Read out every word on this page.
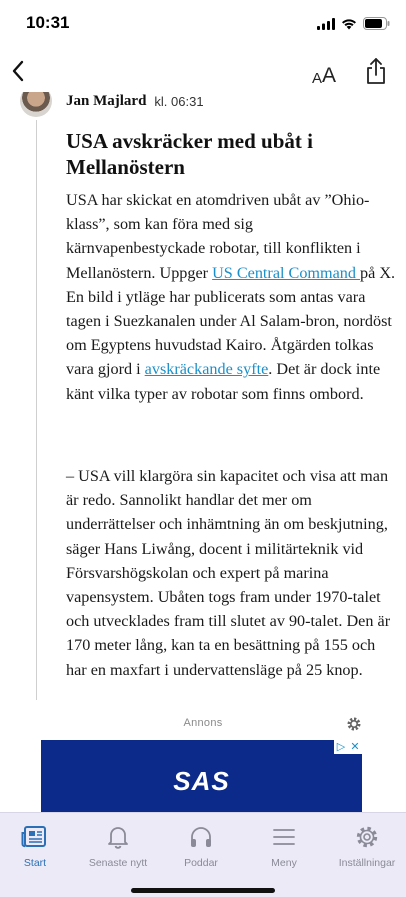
10:31
A A
Jan Majlard kl. 06:31
USA avskräcker med ubåt i Mellanöstern

USA har skickat en atomdriven ubåt av ”Ohio-klass”, som kan föra med sig kärnvapenbestyckade robotar, till konflikten i Mellanöstern. Uppger US Central Command på X. En bild i ytläge har publicerats som antas vara tagen i Suezkanalen under Al Salam-bron, nordöst om Egyptens huvudstad Kairo. Åtgärden tolkas vara gjord i avskräckande syfte. Det är dock inte känt vilka typer av robotar som finns ombord.

– USA vill klargöra sin kapacitet och visa att man är redo. Sannolikt handlar det mer om underrättelser och inhämtning än om beskjutning, säger Hans Liwång, docent i militärteknik vid Försvarshögskolan och expert på marina vapensystem. Ubåten togs fram under 1970-talet och utvecklades fram till slutet av 90-talet. Den är 170 meter lång, kan ta en besättning på 155 och har en maxfart i undervattensläge på 25 knop.

Annons
SAS
▷ ✕
Start	Senaste nytt	Poddar	Meny	Inställningar
